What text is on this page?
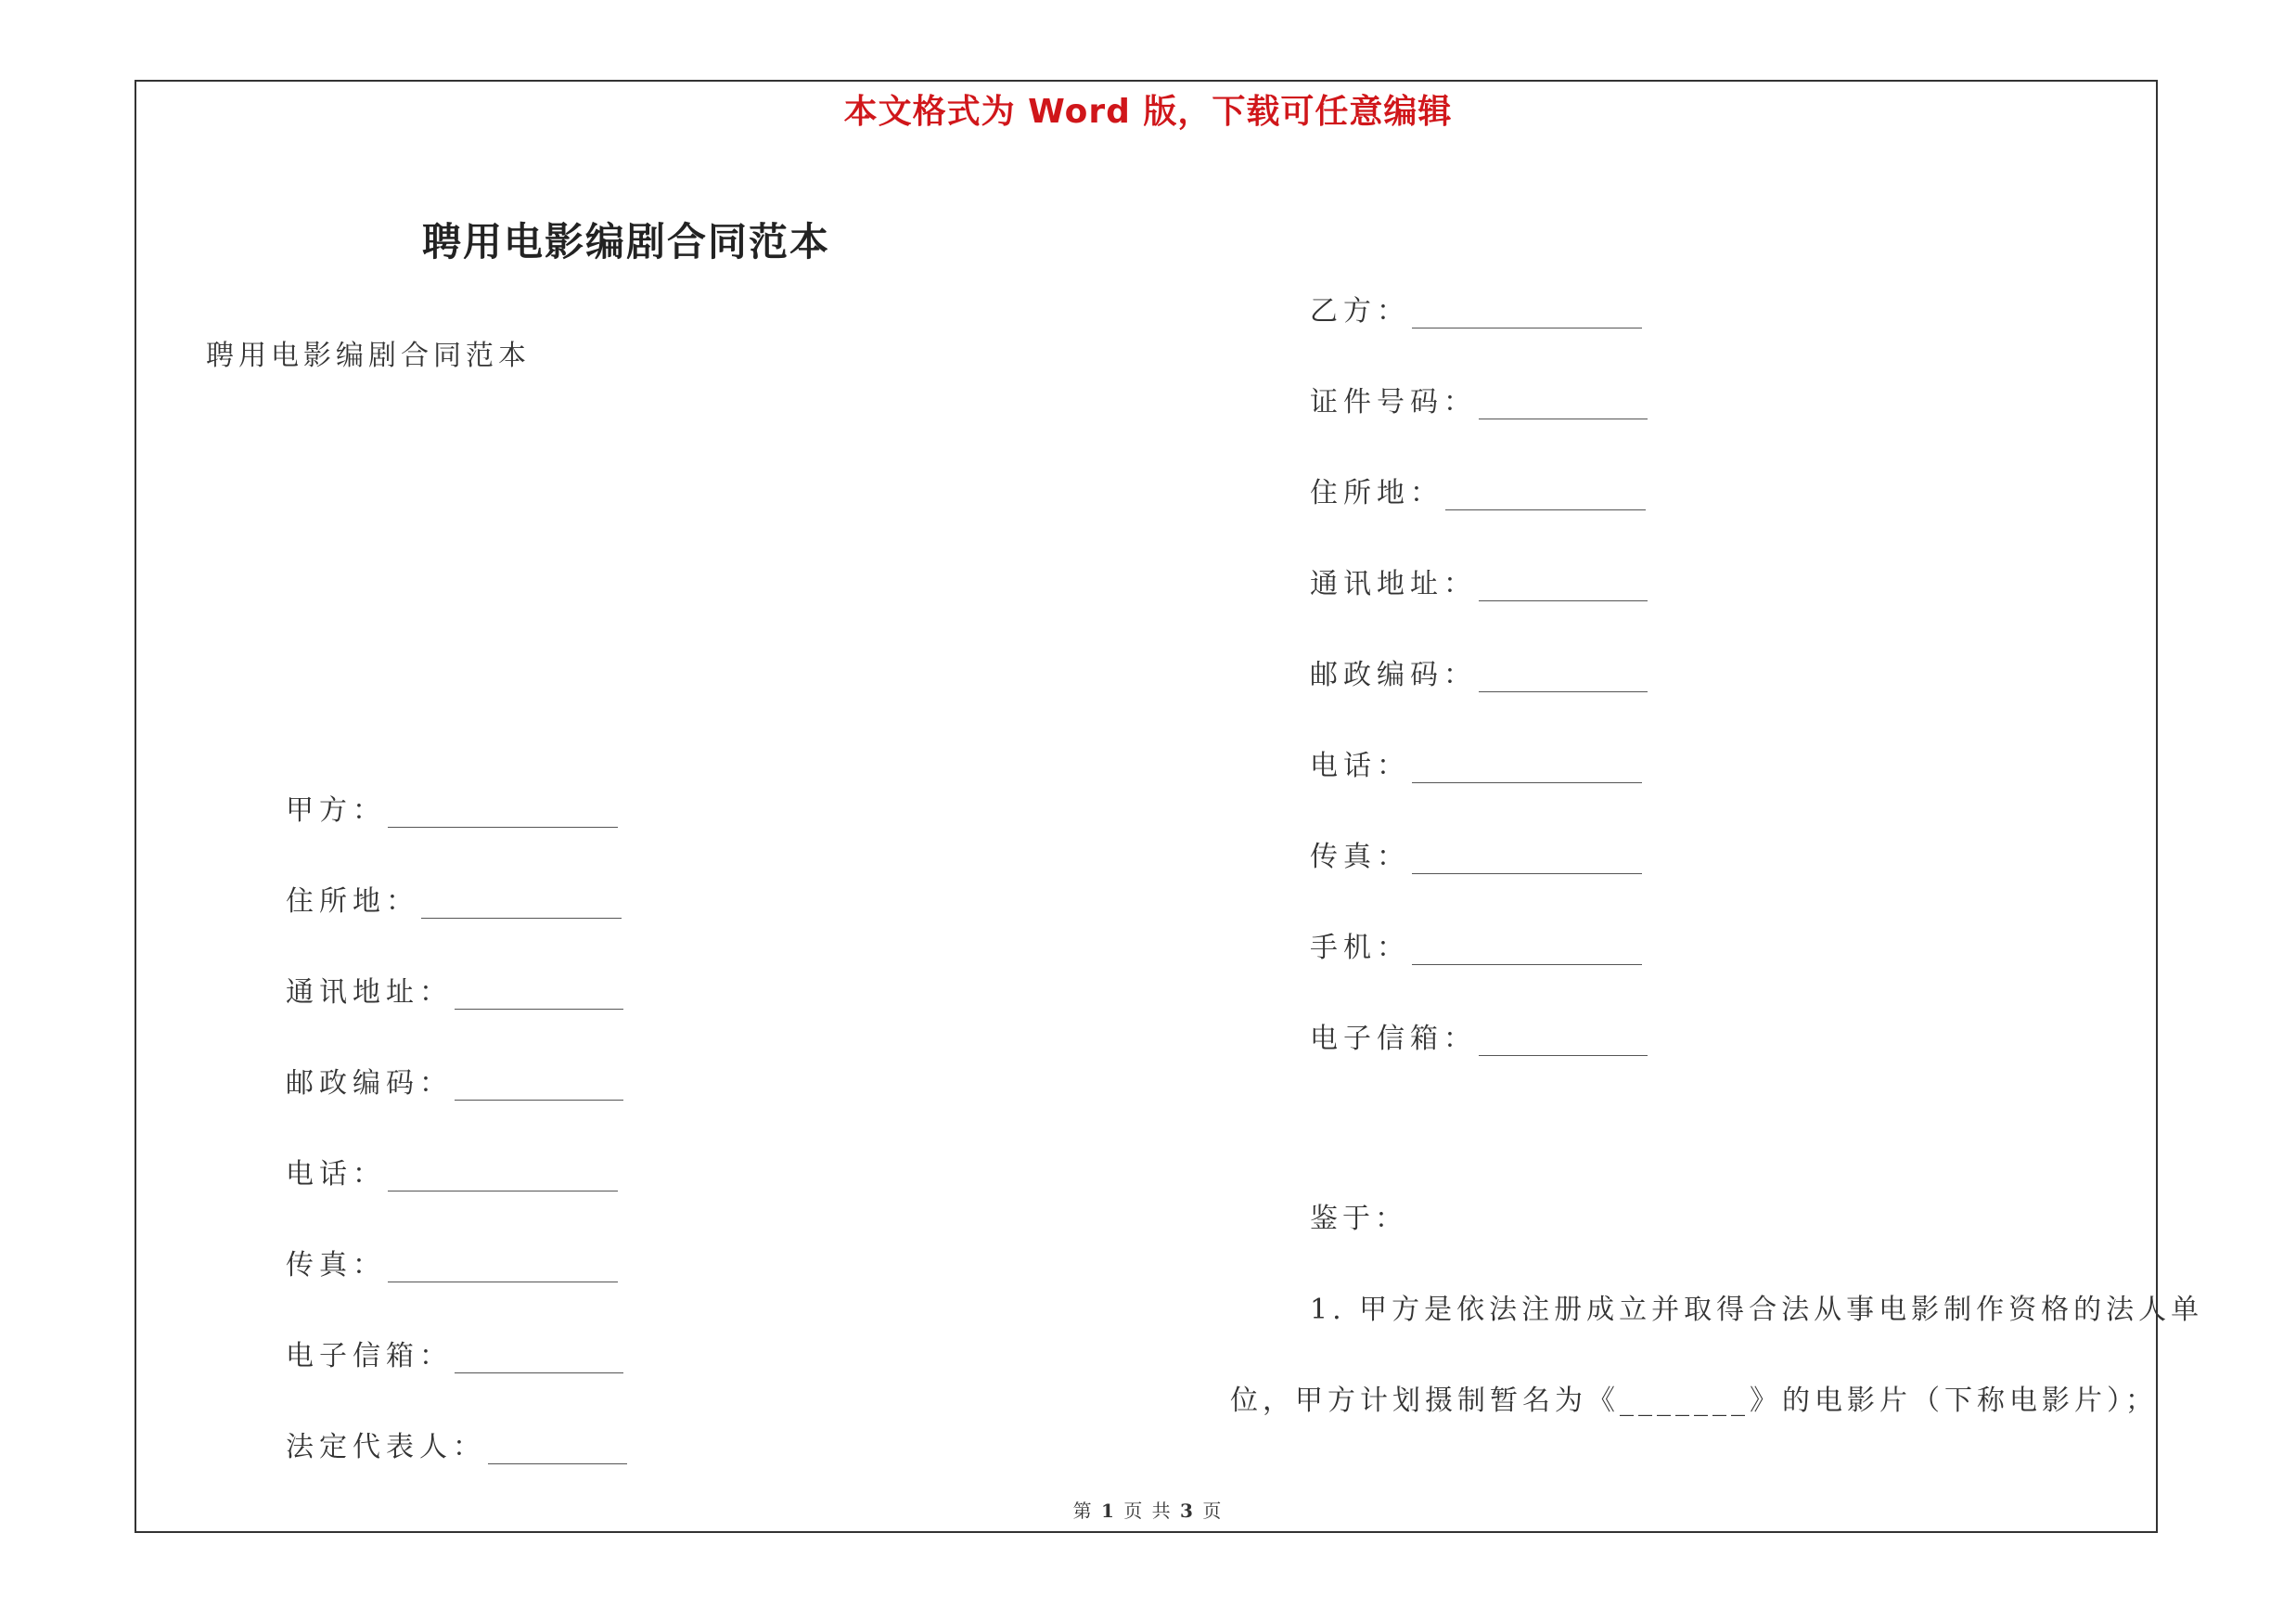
本文格式为 Word 版，下载可任意编辑
聘用电影编剧合同范本
聘用电影编剧合同范本
甲方：
住所地：
通讯地址：
邮政编码：
电话：
传真：
电子信箱：
法定代表人：
乙方：
证件号码：
住所地：
通讯地址：
邮政编码：
电话：
传真：
手机：
电子信箱：
鉴于：
1. 甲方是依法注册成立并取得合法从事电影制作资格的法人单
位，甲方计划摄制暂名为《_______》的电影片（下称电影片）；
第 1 页 共 3 页
